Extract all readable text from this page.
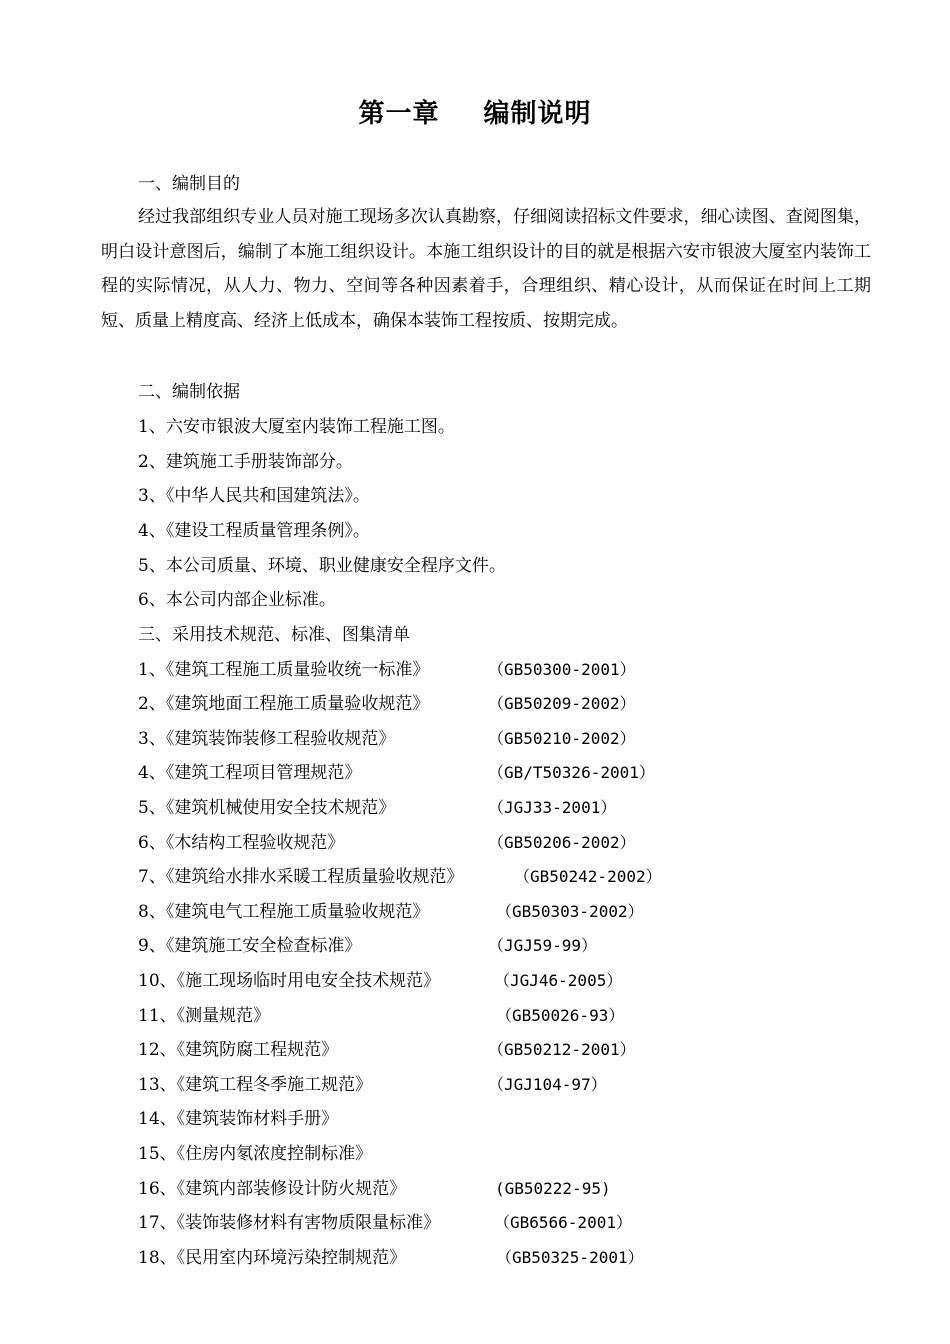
第一章 编制说明
一、编制目的
经过我部组织专业人员对施工现场多次认真勘察，仔细阅读招标文件要求，细心读图、查阅图集，明白设计意图后，编制了本施工组织设计。本施工组织设计的目的就是根据六安市银波大厦室内装饰工程的实际情况，从人力、物力、空间等各种因素着手，合理组织、精心设计，从而保证在时间上工期短、质量上精度高、经济上低成本，确保本装饰工程按质、按期完成。
二、编制依据
1、六安市银波大厦室内装饰工程施工图。
2、建筑施工手册装饰部分。
3、《中华人民共和国建筑法》。
4、《建设工程质量管理条例》。
5、本公司质量、环境、职业健康安全程序文件。
6、本公司内部企业标准。
三、采用技术规范、标准、图集清单
1、《建筑工程施工质量验收统一标准》	（GB50300-2001）
2、《建筑地面工程施工质量验收规范》	（GB50209-2002）
3、《建筑装饰装修工程验收规范》	（GB50210-2002）
4、《建筑工程项目管理规范》	（GB/T50326-2001）
5、《建筑机械使用安全技术规范》	（JGJ33-2001）
6、《木结构工程验收规范》	（GB50206-2002）
7、《建筑给水排水采暖工程质量验收规范》	（GB50242-2002）
8、《建筑电气工程施工质量验收规范》	（GB50303-2002）
9、《建筑施工安全检查标准》	（JGJ59-99）
10、《施工现场临时用电安全技术规范》	（JGJ46-2005）
11、《测量规范》	（GB50026-93）
12、《建筑防腐工程规范》	（GB50212-2001）
13、《建筑工程冬季施工规范》	（JGJ104-97）
14、《建筑装饰材料手册》
15、《住房内氡浓度控制标准》
16、《建筑内部装修设计防火规范》	(GB50222-95)
17、《装饰装修材料有害物质限量标准》	（GB6566-2001）
18、《民用室内环境污染控制规范》	（GB50325-2001）
